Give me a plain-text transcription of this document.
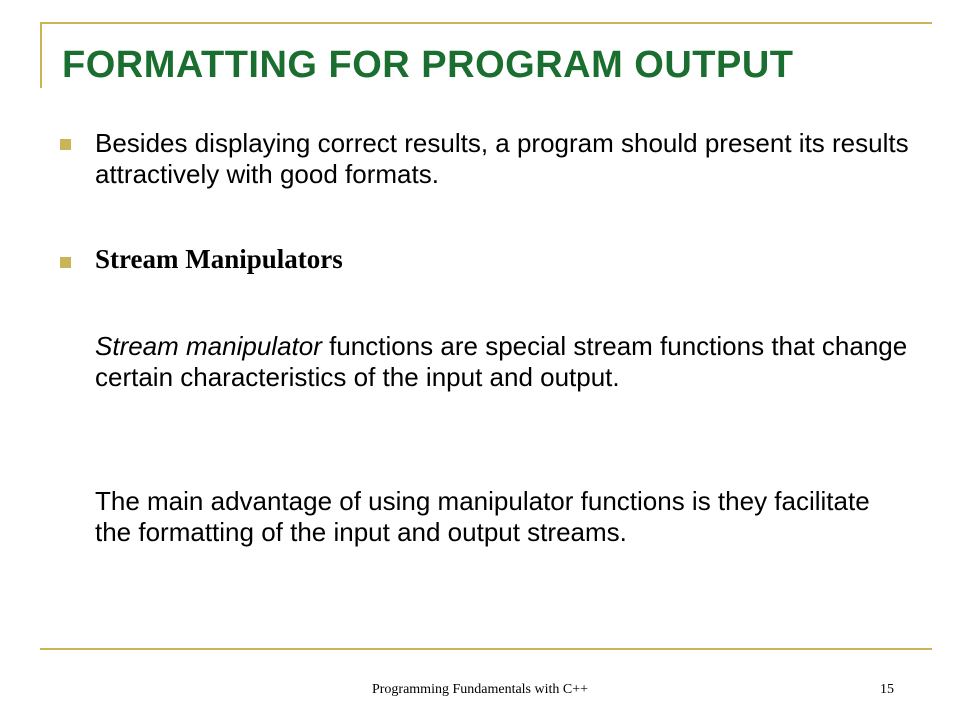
FORMATTING FOR PROGRAM OUTPUT

Besides displaying correct results, a program should present its results attractively with good formats.

Stream Manipulators

Stream manipulator functions are special stream functions that change certain characteristics of the input and output.

The main advantage of using manipulator functions is they facilitate the formatting of the input and output streams.

Programming Fundamentals with C++	15
